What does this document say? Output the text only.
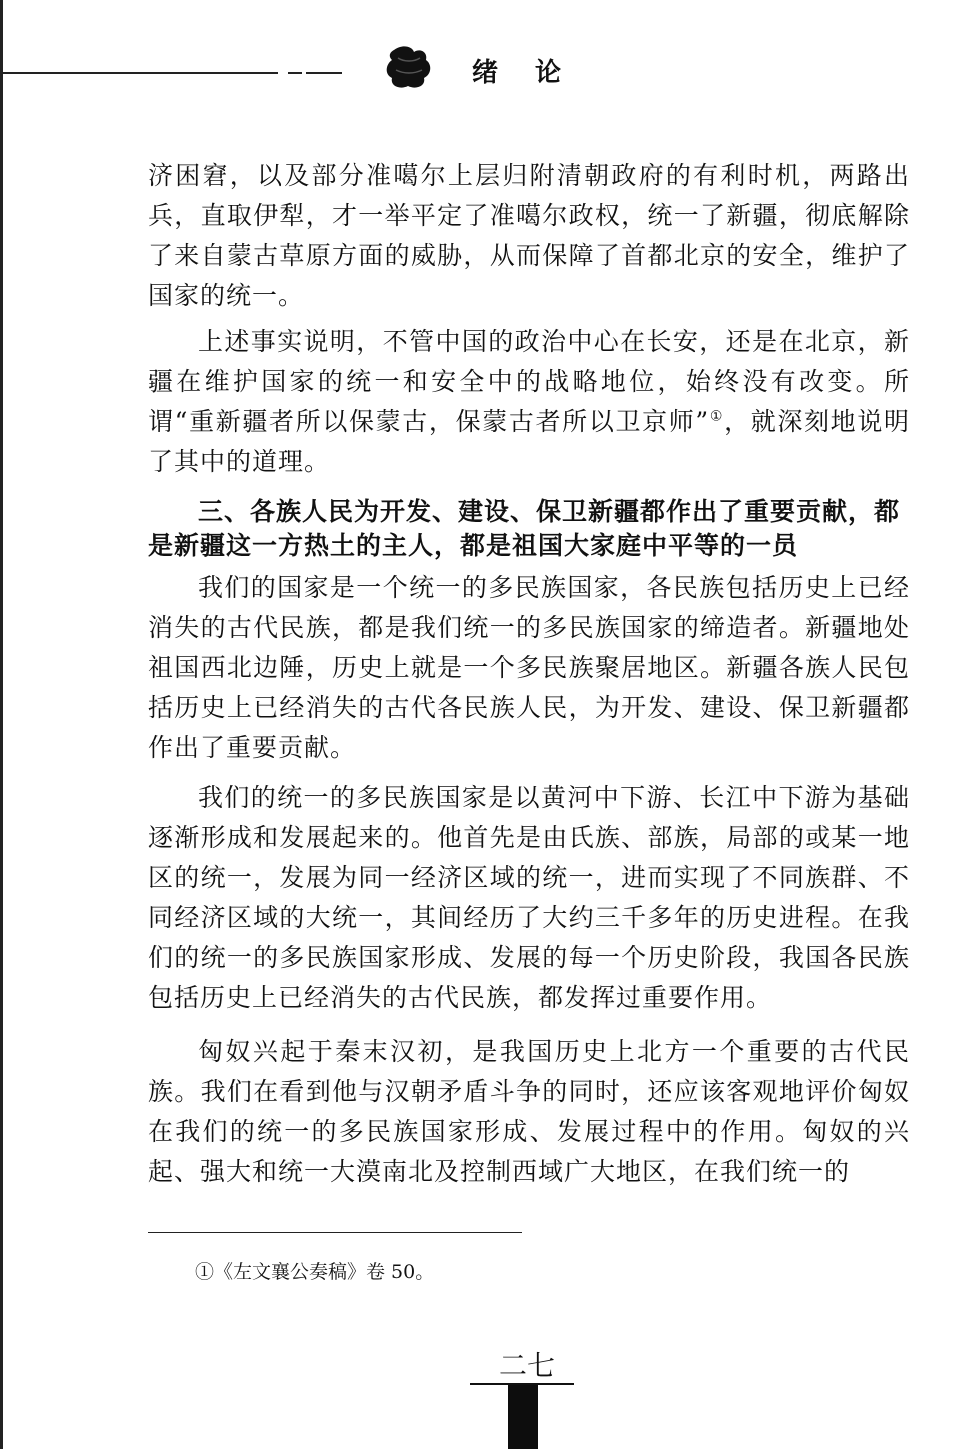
绪 论

济困窘，以及部分准噶尔上层归附清朝政府的有利时机，两路出兵，直取伊犁，才一举平定了准噶尔政权，统一了新疆，彻底解除了来自蒙古草原方面的威胁，从而保障了首都北京的安全，维护了国家的统一。

上述事实说明，不管中国的政治中心在长安，还是在北京，新疆在维护国家的统一和安全中的战略地位，始终没有改变。所谓“重新疆者所以保蒙古，保蒙古者所以卫京师”①，就深刻地说明了其中的道理。

三、各族人民为开发、建设、保卫新疆都作出了重要贡献，都是新疆这一方热土的主人，都是祖国大家庭中平等的一员

我们的国家是一个统一的多民族国家，各民族包括历史上已经消失的古代民族，都是我们统一的多民族国家的缔造者。新疆地处祖国西北边陲，历史上就是一个多民族聚居地区。新疆各族人民包括历史上已经消失的古代各民族人民，为开发、建设、保卫新疆都作出了重要贡献。

我们的统一的多民族国家是以黄河中下游、长江中下游为基础逐渐形成和发展起来的。他首先是由氏族、部族，局部的或某一地区的统一，发展为同一经济区域的统一，进而实现了不同族群、不同经济区域的大统一，其间经历了大约三千多年的历史进程。在我们的统一的多民族国家形成、发展的每一个历史阶段，我国各民族包括历史上已经消失的古代民族，都发挥过重要作用。

匈奴兴起于秦末汉初，是我国历史上北方一个重要的古代民族。我们在看到他与汉朝矛盾斗争的同时，还应该客观地评价匈奴在我们的统一的多民族国家形成、发展过程中的作用。匈奴的兴起、强大和统一大漠南北及控制西域广大地区，在我们统一的

①《左文襄公奏稿》卷 50。
二七
